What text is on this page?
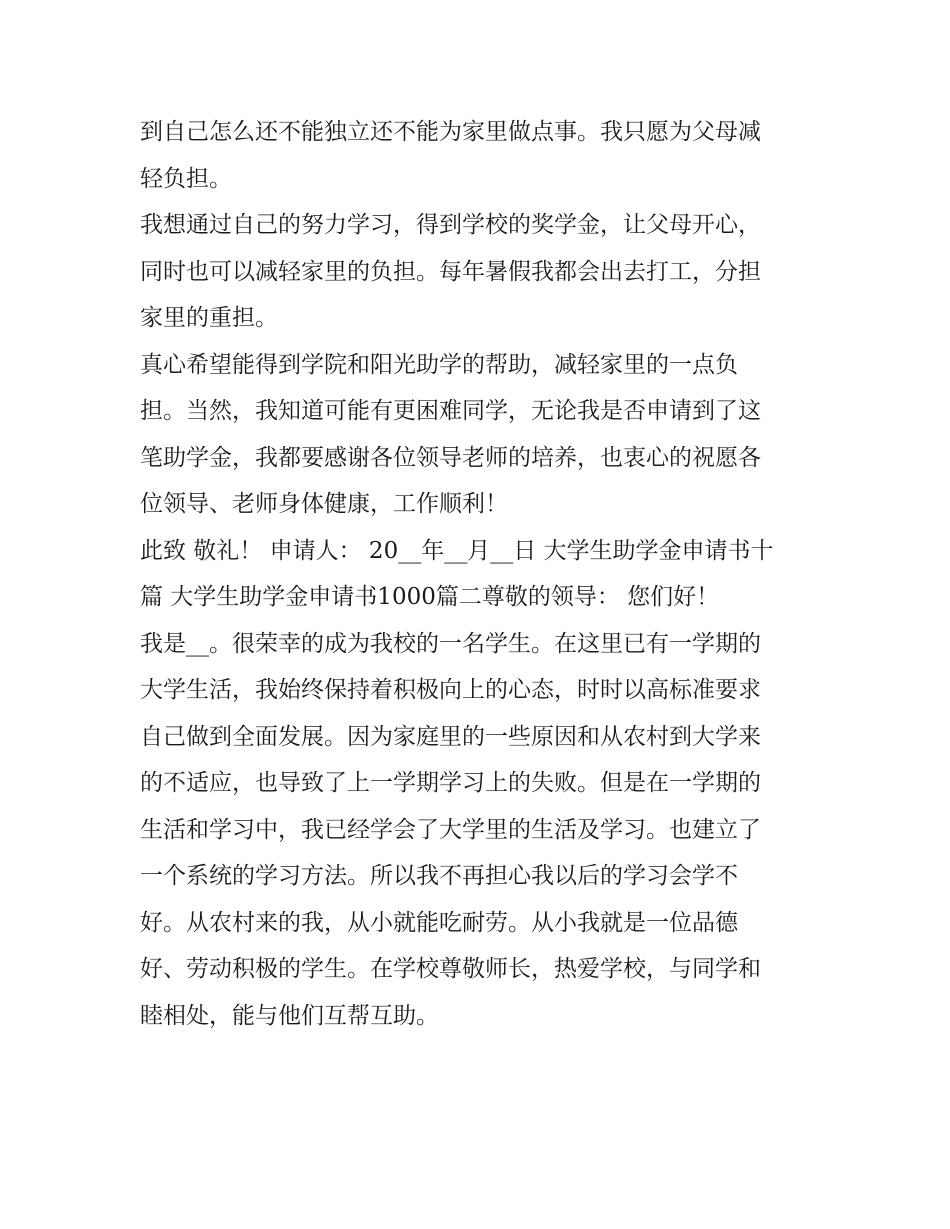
到自己怎么还不能独立还不能为家里做点事。我只愿为父母减
轻负担。
我想通过自己的努力学习，得到学校的奖学金，让父母开心，
同时也可以减轻家里的负担。每年暑假我都会出去打工，分担
家里的重担。
真心希望能得到学院和阳光助学的帮助，减轻家里的一点负
担。当然，我知道可能有更困难同学，无论我是否申请到了这
笔助学金，我都要感谢各位领导老师的培养，也衷心的祝愿各
位领导、老师身体健康，工作顺利！
此致 敬礼！ 申请人： 20__年__月__日 大学生助学金申请书十
篇 大学生助学金申请书1000篇二尊敬的领导： 您们好！
我是__。很荣幸的成为我校的一名学生。在这里已有一学期的
大学生活，我始终保持着积极向上的心态，时时以高标准要求
自己做到全面发展。因为家庭里的一些原因和从农村到大学来
的不适应，也导致了上一学期学习上的失败。但是在一学期的
生活和学习中，我已经学会了大学里的生活及学习。也建立了
一个系统的学习方法。所以我不再担心我以后的学习会学不
好。从农村来的我，从小就能吃耐劳。从小我就是一位品德
好、劳动积极的学生。在学校尊敬师长，热爱学校，与同学和
睦相处，能与他们互帮互助。
